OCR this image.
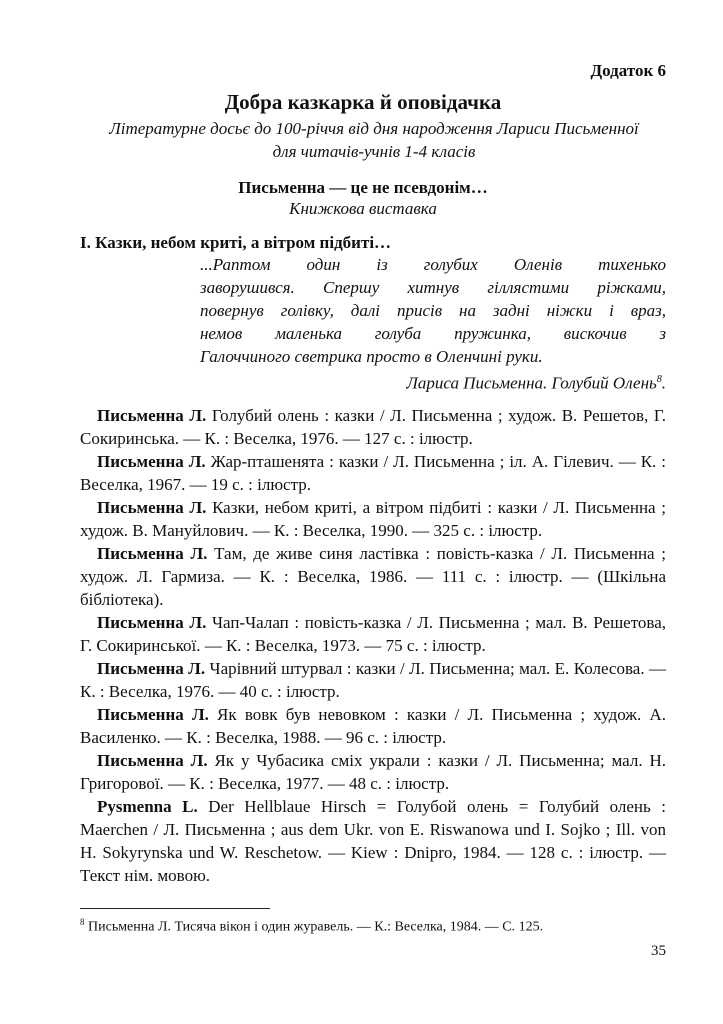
Додаток 6
Добра казкарка й оповідачка
Літературне досьє до 100-річчя від дня народження Лариси Письменної для читачів-учнів 1-4 класів
Письменна — це не псевдонім…
Книжкова виставка
І. Казки, небом криті, а вітром підбиті…
...Раптом один із голубих Оленів тихенько
заворушився. Спершу хитнув гіллястими ріжками,
повернув голівку, далі присів на задні ніжки і враз,
немов маленька голуба пружинка, вискочив з
Галоччиного светрика просто в Оленчині руки.
Лариса Письменна. Голубий Олень$^8$.

Письменна Л. Голубий олень : казки / Л. Письменна ; худож. В. Решетов, Г. Сокиринська. — К. : Веселка, 1976. — 127 с. : ілюстр.

Письменна Л. Жар-пташенята : казки / Л. Письменна ; іл. А. Гілевич. — К. : Веселка, 1967. — 19 с. : ілюстр.

Письменна Л. Казки, небом криті, а вітром підбиті : казки / Л. Письменна ; худож. В. Мануйлович. — К. : Веселка, 1990. — 325 с. : ілюстр.

Письменна Л. Там, де живе синя ластівка : повість-казка / Л. Письменна ; худож. Л. Гармиза. — К. : Веселка, 1986. — 111 с. : ілюстр. — (Шкільна бібліотека).

Письменна Л. Чап-Чалап : повість-казка / Л. Письменна ; мал. В. Решетова, Г. Сокиринської. — К. : Веселка, 1973. — 75 с. : ілюстр.

Письменна Л. Чарівний штурвал : казки / Л. Письменна; мал. Е. Колесова. — К. : Веселка, 1976. — 40 с. : ілюстр.

Письменна Л. Як вовк був невовком : казки / Л. Письменна ; худож. А. Василенко. — К. : Веселка, 1988. — 96 с. : ілюстр.

Письменна Л. Як у Чубасика сміх украли : казки / Л. Письменна; мал. Н. Григорової. — К. : Веселка, 1977. — 48 с. : ілюстр.

Pysmenna L. Der Hellblaue Hirsch = Голубой олень = Голубий олень : Maerchen / Л. Письменна ; aus dem Ukr. von E. Riswanowa und I. Sojko ; Ill. von H. Sokyrynska und W. Reschetow. — Kiew : Dnipro, 1984. — 128 с. : ілюстр. — Текст нім. мовою.

$^8$ Письменна Л. Тисяча вікон і один журавель. — К.: Веселка, 1984. — С. 125.
35
